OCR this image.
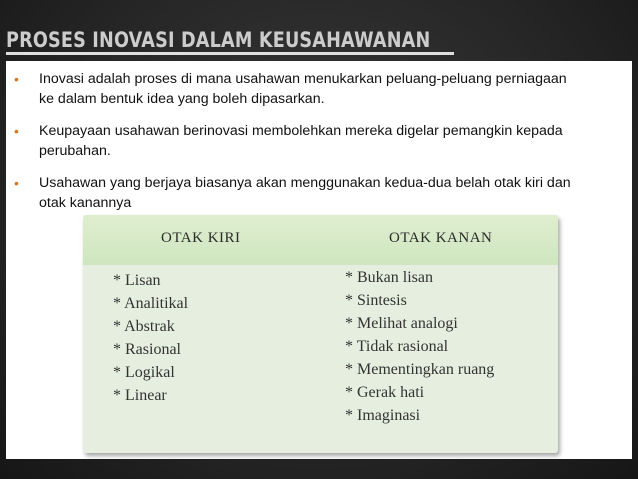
PROSES INOVASI DALAM KEUSAHAWANAN
• Inovasi adalah proses di mana usahawan menukarkan peluang-peluang perniagaan
ke dalam bentuk idea yang boleh dipasarkan.
• Keupayaan usahawan berinovasi membolehkan mereka digelar pemangkin kepada
perubahan.
• Usahawan yang berjaya biasanya akan menggunakan kedua-dua belah otak kiri dan
otak kanannya
OTAK KIRI	OTAK KANAN
* Lisan
* Analitikal
* Abstrak
* Rasional
* Logikal
* Linear
* Bukan lisan
* Sintesis
* Melihat analogi
* Tidak rasional
* Mementingkan ruang
* Gerak hati
* Imaginasi
